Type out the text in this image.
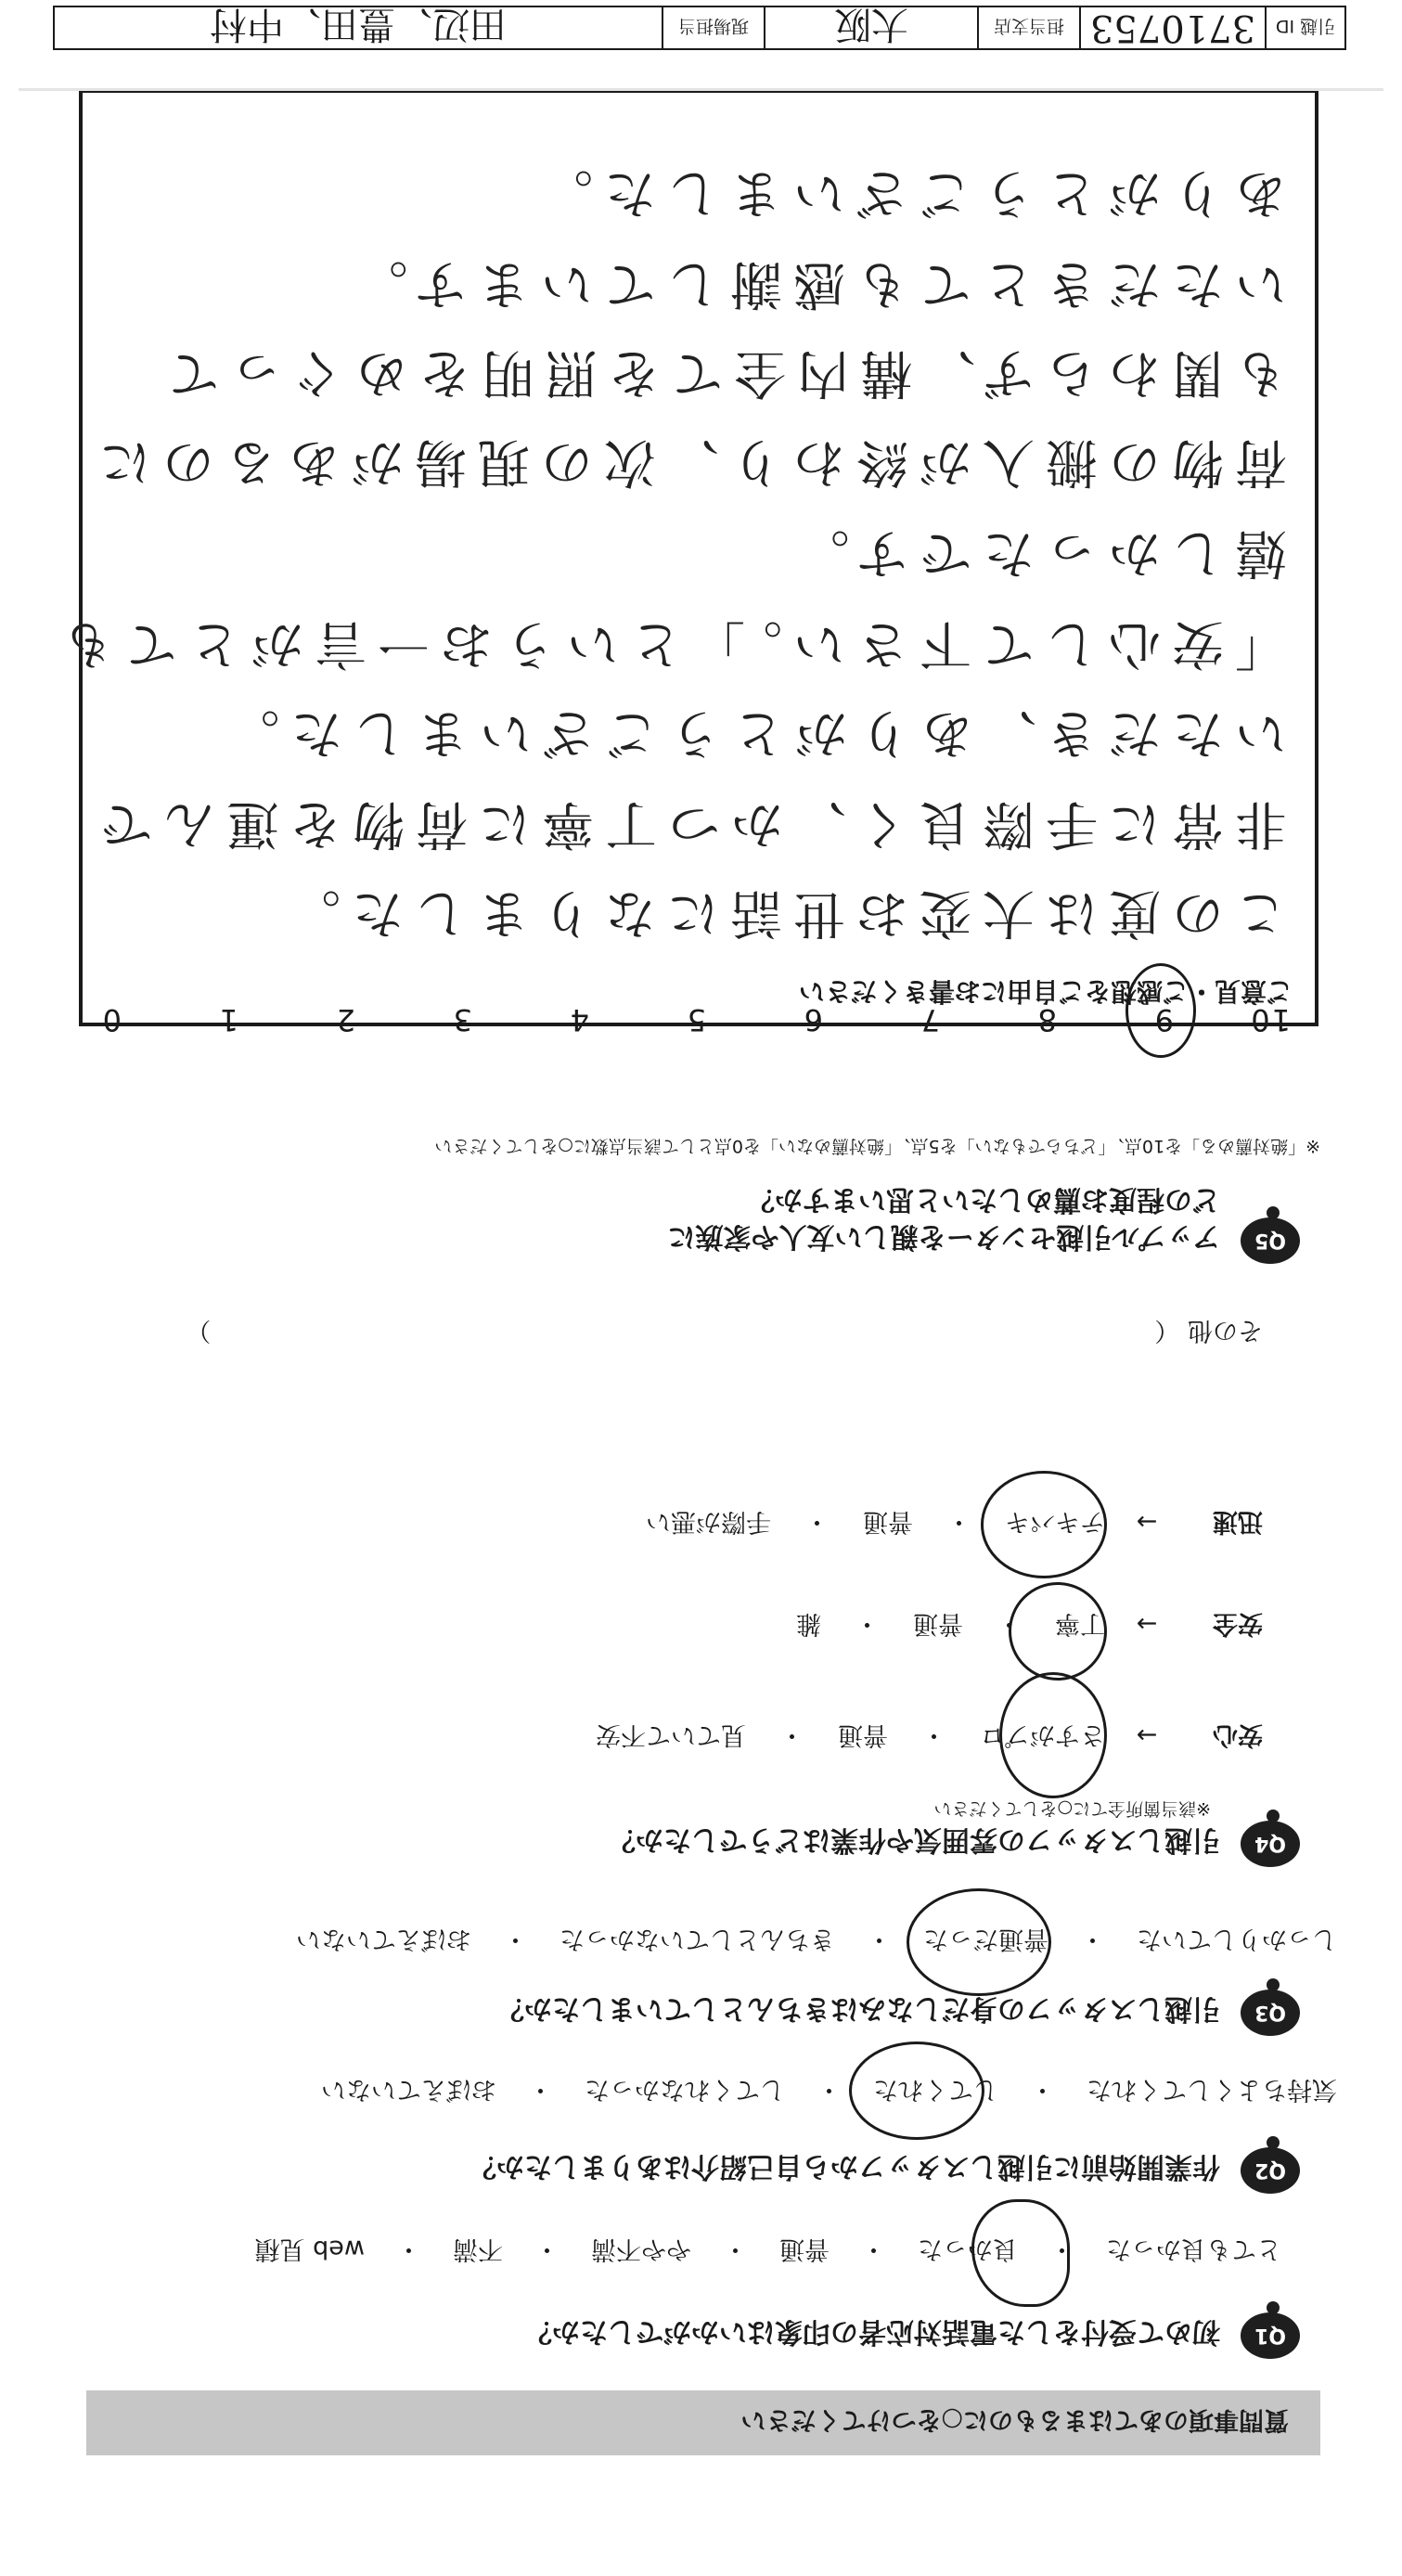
質問事項のあてはまるものに○をつけてください
Q1
初めて受付をした電話対応者の印象はいかがでしたか？
とても良かった・良かった・普通・やや不満・不満・web 見積
Q2
作業開始前に引越しスタッフから自己紹介はありましたか？
気持ちよくしてくれた・してくれた・してくれなかった・おぼえていない
Q3
引越しスタッフの身だしなみはきちんとしていましたか？
しっかりしていた・普通だった・きちんとしていなかった・おぼえていない
Q4
引越しスタッフの雰囲気や作業はどうでしたか？
※該当箇所全てに○をしてください
安心→さすがプロ・普通・見ていて不安
安全→丁寧・普通・雑
迅速→テキパキ・普通・手際が悪い
その他 （  ）
Q5
アップル引越センターを親しい友人や家族に
どの程度お薦めしたいと思いますか？
※「絶対薦める」を10点、「どちらでもない」を5点、「絶対薦めない」を0点として該当点数に○をしてください
109876543210
ご意見・ご感想をご自由にお書きください
この度は大変お世話になりました。
非常に手際良く、かつ丁寧に荷物を運んで
いただき、ありがとうございました。
「安心して下さい。」というお一言がとても
嬉しかったです。
荷物の搬入が終わり、次の現場があるのに
も関わらず、構内全てを照明をめぐって
いただきとても感謝しています。
ありがとうございました。
引越 ID
3710753
担当支店
大阪
現場担当
田辺、豊田、中村
